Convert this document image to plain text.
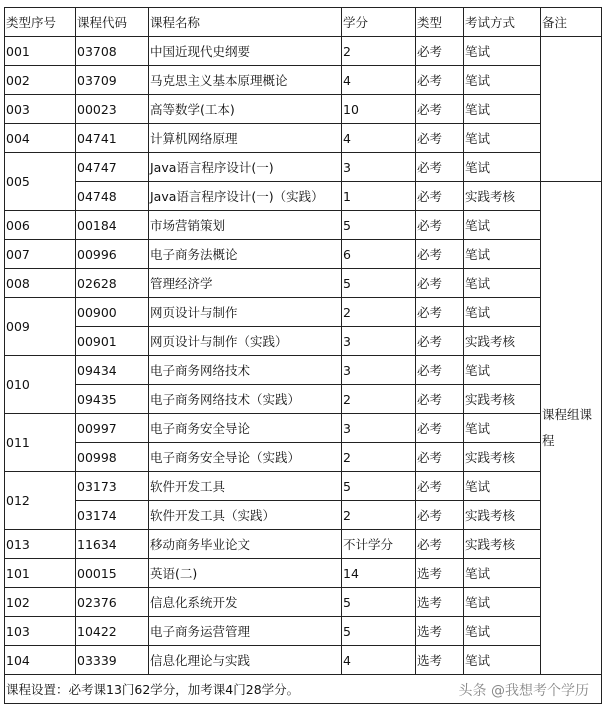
类型序号	课程代码	课程名称	学分	类型	考试方式	备注
001	03708	中国近现代史纲要	2	必考	笔试	
002	03709	马克思主义基本原理概论	4	必考	笔试	
003	00023	高等数学(工本)	10	必考	笔试	
004	04741	计算机网络原理	4	必考	笔试	
005	04747	Java语言程序设计(一)	3	必考	笔试	
	04748	Java语言程序设计(一)（实践）	1	必考	实践考核	课程组课程
006	00184	市场营销策划	5	必考	笔试	
007	00996	电子商务法概论	6	必考	笔试	
008	02628	管理经济学	5	必考	笔试	
009	00900	网页设计与制作	2	必考	笔试	
	00901	网页设计与制作（实践）	3	必考	实践考核	
010	09434	电子商务网络技术	3	必考	笔试	
	09435	电子商务网络技术（实践）	2	必考	实践考核	
011	00997	电子商务安全导论	3	必考	笔试	
	00998	电子商务安全导论（实践）	2	必考	实践考核	
012	03173	软件开发工具	5	必考	笔试	
	03174	软件开发工具（实践）	2	必考	实践考核	
013	11634	移动商务毕业论文	不计学分	必考	实践考核	
101	00015	英语(二)	14	选考	笔试	
102	02376	信息化系统开发	5	选考	笔试	
103	10422	电子商务运营管理	5	选考	笔试	
104	03339	信息化理论与实践	4	选考	笔试	
课程设置：必考课13门62学分，加考课4门28学分。 头条 @我想考个学历						
